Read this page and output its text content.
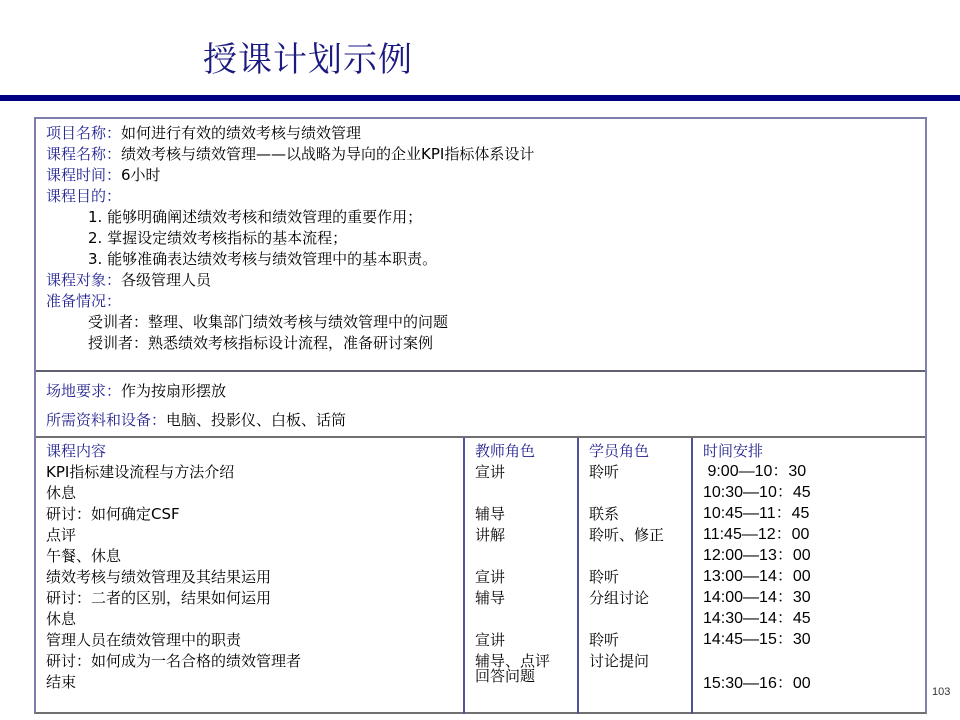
授课计划示例
项目名称：如何进行有效的绩效考核与绩效管理
课程名称：绩效考核与绩效管理——以战略为导向的企业KPI指标体系设计
课程时间：6小时
课程目的：
1. 能够明确阐述绩效考核和绩效管理的重要作用；
2. 掌握设定绩效考核指标的基本流程；
3. 能够准确表达绩效考核与绩效管理中的基本职责。
课程对象：各级管理人员
准备情况：
受训者：整理、收集部门绩效考核与绩效管理中的问题
授训者：熟悉绩效考核指标设计流程，准备研讨案例
场地要求：作为按扇形摆放
所需资料和设备：电脑、投影仪、白板、话筒
课程内容
KPI指标建设流程与方法介绍
休息
研讨：如何确定CSF
点评
午餐、休息
绩效考核与绩效管理及其结果运用
研讨：二者的区别，结果如何运用
休息
管理人员在绩效管理中的职责
研讨：如何成为一名合格的绩效管理者
结束
教师角色
宣讲
辅导
讲解
宣讲
辅导
宣讲
辅导、点评
回答问题
学员角色
聆听
联系
聆听、修正
聆听
分组讨论
聆听
讨论提问
时间安排
9:00—10：30
10:30—10：45
10:45—11：45
11:45—12：00
12:00—13：00
13:00—14：00
14:00—14：30
14:30—14：45
14:45—15：30
15:30—16：00	103
